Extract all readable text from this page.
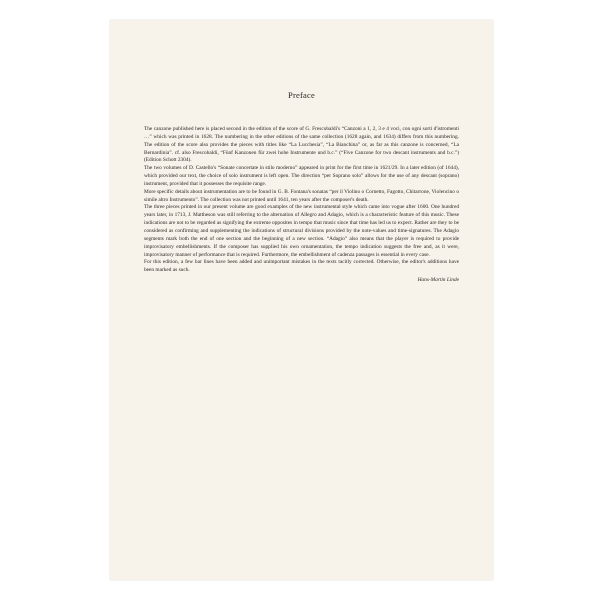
Preface

The canzone published here is placed second in the edition of the score of G. Frescobaldi's “Canzoni a 1, 2, 3 e 4 voci, con ogni sorti d'istromenti …” which was printed in 1628. The numbering in the other editions of the same collection (1628 again, and 1634) differs from this numbering. The edition of the score also provides the pieces with titles like “La Lucchesia”, “La Bianchina” or, as far as this canzone is concerned, “La Bernardinia”. cf. also Frescobaldi, “Fünf Kanzonen für zwei hohe Instrumente und b.c.” (“Five Canzone for two descant instruments and b.c.”) (Edition Schott 2304).

The two volumes of D. Castello's “Sonate concertate in stilo moderno” appeared in print for the first time in 1621/29. In a later edition (of 1644), which provided our text, the choice of solo instrument is left open. The direction “per Soprano solo” allows for the use of any descant (soprano) instrument, provided that it possesses the requisite range.

More specific details about instrumentation are to be found in G. B. Fontana's sonatas “per il Violino o Cornetto, Fagotto, Chitarrone, Violencino o simile altro Instrumento”. The collection was not printed until 1641, ten years after the composer's death.

The three pieces printed in our present volume are good examples of the new instrumental style which came into vogue after 1600. One hundred years later, in 1713, J. Mattheson was still referring to the alternation of Allegro and Adagio, which is a characteristic feature of this music. These indications are not to be regarded as signifying the extreme opposites in tempo that music since that time has led us to expect. Rather are they to be considered as confirming and supplementing the indications of structural divisions provided by the note-values and time-signatures. The Adagio segments mark both the end of one section and the beginning of a new section. “Adagio” also means that the player is required to provide improvisatory embellishments. If the composer has supplied his own ornamentation, the tempo indication suggests the free and, as it were, improvisatory manner of performance that is required. Furthermore, the embellishment of cadenza passages is essential in every case.

For this edition, a few bar lines have been added and unimportant mistakes in the texts tacitly corrected. Otherwise, the editor's additions have been marked as such.

Hans-Martin Linde
